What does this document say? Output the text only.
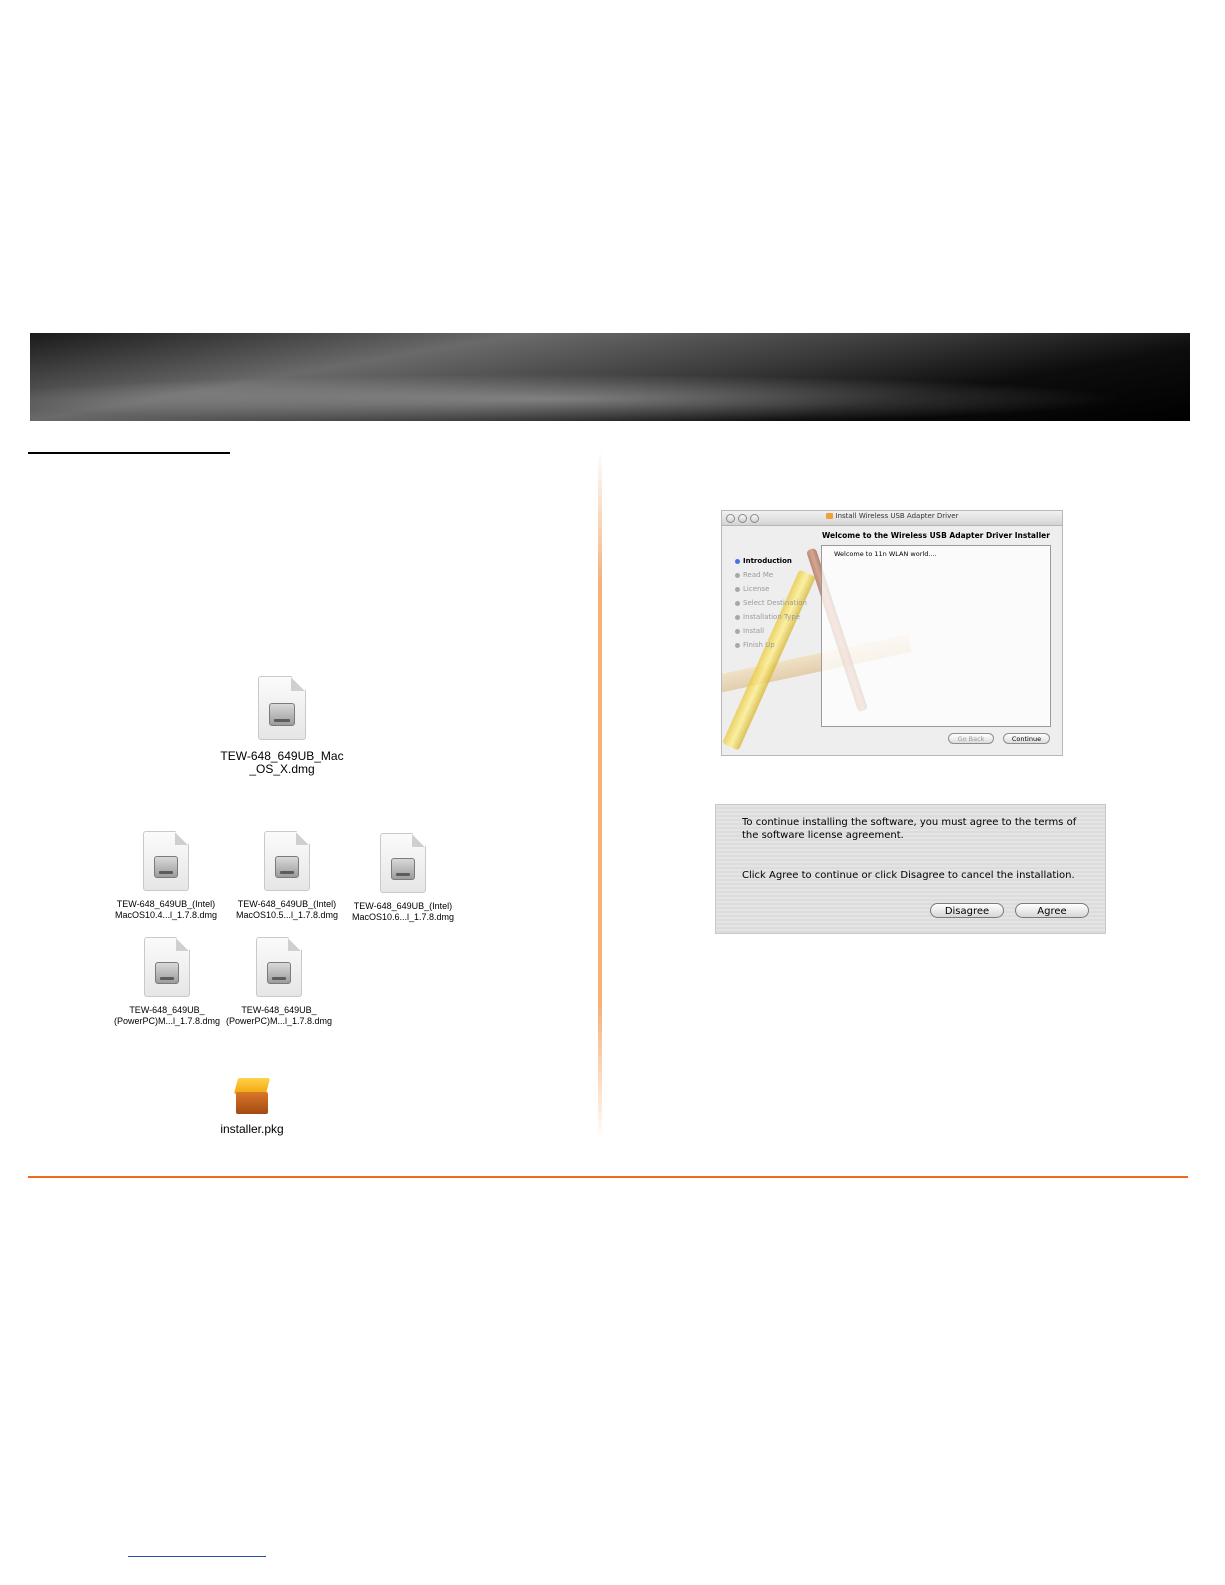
TEW-648_649UB_Mac
_OS_X.dmg
TEW-648_649UB_(Intel)
MacOS10.4...l_1.7.8.dmg
TEW-648_649UB_(Intel)
MacOS10.5...l_1.7.8.dmg
TEW-648_649UB_(Intel)
MacOS10.6...l_1.7.8.dmg
TEW-648_649UB_
(PowerPC)M...l_1.7.8.dmg
TEW-648_649UB_
(PowerPC)M...l_1.7.8.dmg
installer.pkg
Install Wireless USB Adapter Driver
Welcome to the Wireless USB Adapter Driver Installer
Introduction
Read Me
License
Select Destination
Installation Type
Install
Finish Up
Welcome to 11n WLAN world....
Go Back	Continue
To continue installing the software, you must agree to the terms of the software license agreement.
Click Agree to continue or click Disagree to cancel the installation.
Disagree	Agree
